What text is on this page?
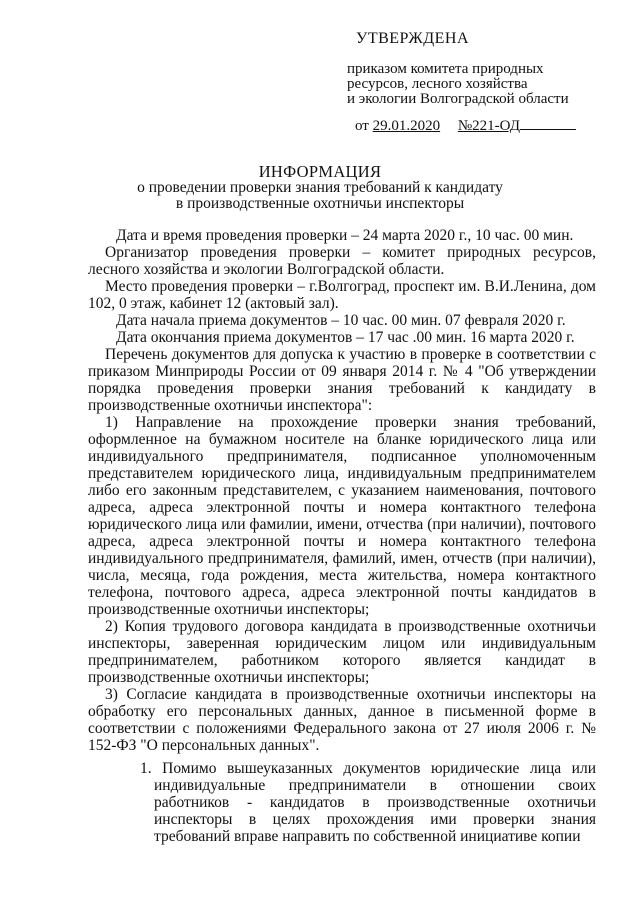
УТВЕРЖДЕНА
приказом комитета природных
ресурсов, лесного хозяйства
и экологии Волгоградской области
от 29.01.2020 №221-ОД
ИНФОРМАЦИЯ
о проведении проверки знания требований к кандидату
в производственные охотничьи инспекторы

Дата и время проведения проверки – 24 марта 2020 г., 10 час. 00 мин.

Организатор проведения проверки – комитет природных ресурсов, лесного хозяйства и экологии Волгоградской области.

Место проведения проверки – г.Волгоград, проспект им. В.И.Ленина, дом 102, 0 этаж, кабинет 12 (актовый зал).

Дата начала приема документов – 10 час. 00 мин. 07 февраля 2020 г.

Дата окончания приема документов – 17 час .00 мин. 16 марта 2020 г.

Перечень документов для допуска к участию в проверке в соответствии с приказом Минприроды России от 09 января 2014 г. № 4 "Об утверждении порядка проведения проверки знания требований к кандидату в производственные охотничьи инспектора":

1) Направление на прохождение проверки знания требований, оформленное на бумажном носителе на бланке юридического лица или индивидуального предпринимателя, подписанное уполномоченным представителем юридического лица, индивидуальным предпринимателем либо его законным представителем, с указанием наименования, почтового адреса, адреса электронной почты и номера контактного телефона юридического лица или фамилии, имени, отчества (при наличии), почтового адреса, адреса электронной почты и номера контактного телефона индивидуального предпринимателя, фамилий, имен, отчеств (при наличии), числа, месяца, года рождения, места жительства, номера контактного телефона, почтового адреса, адреса электронной почты кандидатов в производственные охотничьи инспекторы;

2) Копия трудового договора кандидата в производственные охотничьи инспекторы, заверенная юридическим лицом или индивидуальным предпринимателем, работником которого является кандидат в производственные охотничьи инспекторы;

3) Согласие кандидата в производственные охотничьи инспекторы на обработку его персональных данных, данное в письменной форме в соответствии с положениями Федерального закона от 27 июля 2006 г. № 152-ФЗ "О персональных данных".

1. Помимо вышеуказанных документов юридические лица или индивидуальные предприниматели в отношении своих работников - кандидатов в производственные охотничьи инспекторы в целях прохождения ими проверки знания требований вправе направить по собственной инициативе копии
